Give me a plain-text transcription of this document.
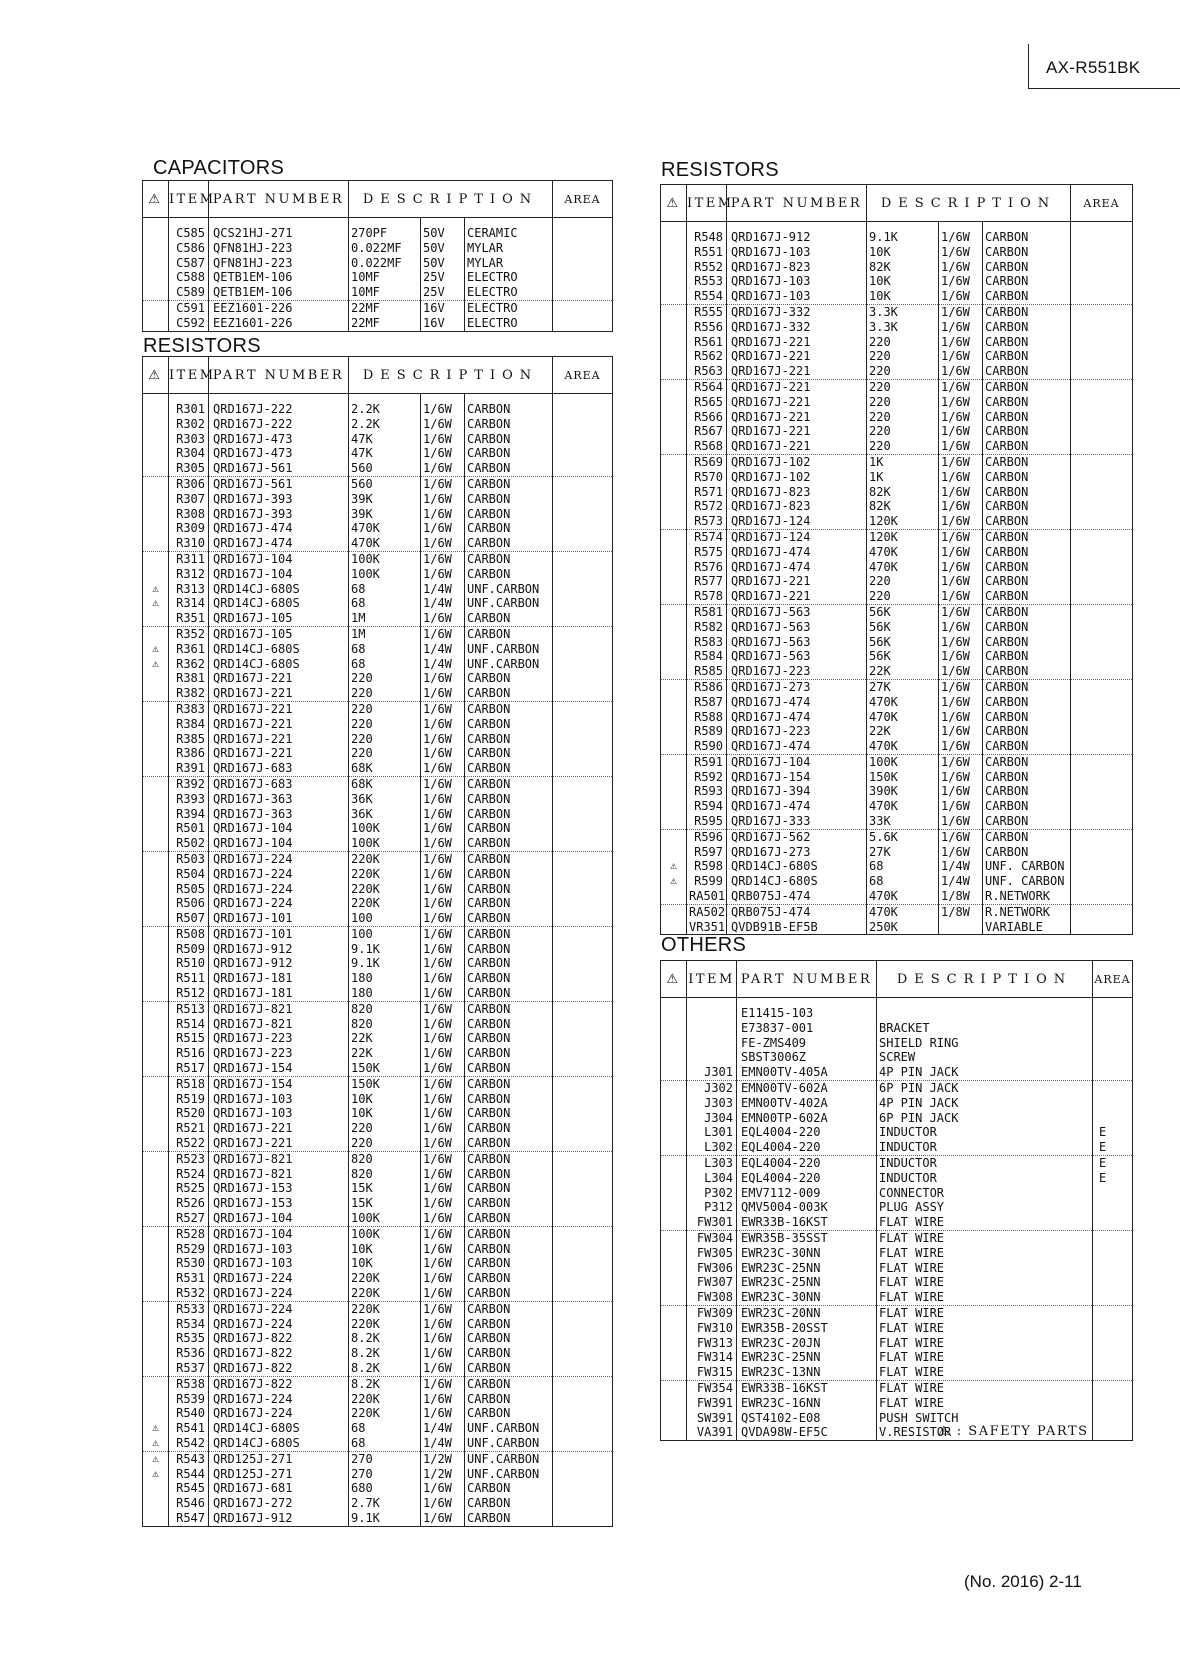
AX-R551BK
CAPACITORS
⚠	ITEM	PART NUMBER	DESCRIPTION			AREA

	C585	QCS21HJ-271	270PF	50V	CERAMIC	
	C586	QFN81HJ-223	0.022MF	50V	MYLAR	
	C587	QFN81HJ-223	0.022MF	50V	MYLAR	
	C588	QETB1EM-106	10MF	25V	ELECTRO	
	C589	QETB1EM-106	10MF	25V	ELECTRO	
	C591	EEZ1601-226	22MF	16V	ELECTRO	
	C592	EEZ1601-226	22MF	16V	ELECTRO	
RESISTORS
⚠	ITEM	PART NUMBER	DESCRIPTION			AREA

	R301	QRD167J-222	2.2K	1/6W	CARBON	
	R302	QRD167J-222	2.2K	1/6W	CARBON	
	R303	QRD167J-473	47K	1/6W	CARBON	
	R304	QRD167J-473	47K	1/6W	CARBON	
	R305	QRD167J-561	560	1/6W	CARBON	
	R306	QRD167J-561	560	1/6W	CARBON	
	R307	QRD167J-393	39K	1/6W	CARBON	
	R308	QRD167J-393	39K	1/6W	CARBON	
	R309	QRD167J-474	470K	1/6W	CARBON	
	R310	QRD167J-474	470K	1/6W	CARBON	
	R311	QRD167J-104	100K	1/6W	CARBON	
	R312	QRD167J-104	100K	1/6W	CARBON	
⚠	R313	QRD14CJ-680S	68	1/4W	UNF.CARBON	
⚠	R314	QRD14CJ-680S	68	1/4W	UNF.CARBON	
	R351	QRD167J-105	1M	1/6W	CARBON	
	R352	QRD167J-105	1M	1/6W	CARBON	
⚠	R361	QRD14CJ-680S	68	1/4W	UNF.CARBON	
⚠	R362	QRD14CJ-680S	68	1/4W	UNF.CARBON	
	R381	QRD167J-221	220	1/6W	CARBON	
	R382	QRD167J-221	220	1/6W	CARBON	
	R383	QRD167J-221	220	1/6W	CARBON	
	R384	QRD167J-221	220	1/6W	CARBON	
	R385	QRD167J-221	220	1/6W	CARBON	
	R386	QRD167J-221	220	1/6W	CARBON	
	R391	QRD167J-683	68K	1/6W	CARBON	
	R392	QRD167J-683	68K	1/6W	CARBON	
	R393	QRD167J-363	36K	1/6W	CARBON	
	R394	QRD167J-363	36K	1/6W	CARBON	
	R501	QRD167J-104	100K	1/6W	CARBON	
	R502	QRD167J-104	100K	1/6W	CARBON	
	R503	QRD167J-224	220K	1/6W	CARBON	
	R504	QRD167J-224	220K	1/6W	CARBON	
	R505	QRD167J-224	220K	1/6W	CARBON	
	R506	QRD167J-224	220K	1/6W	CARBON	
	R507	QRD167J-101	100	1/6W	CARBON	
	R508	QRD167J-101	100	1/6W	CARBON	
	R509	QRD167J-912	9.1K	1/6W	CARBON	
	R510	QRD167J-912	9.1K	1/6W	CARBON	
	R511	QRD167J-181	180	1/6W	CARBON	
	R512	QRD167J-181	180	1/6W	CARBON	
	R513	QRD167J-821	820	1/6W	CARBON	
	R514	QRD167J-821	820	1/6W	CARBON	
	R515	QRD167J-223	22K	1/6W	CARBON	
	R516	QRD167J-223	22K	1/6W	CARBON	
	R517	QRD167J-154	150K	1/6W	CARBON	
	R518	QRD167J-154	150K	1/6W	CARBON	
	R519	QRD167J-103	10K	1/6W	CARBON	
	R520	QRD167J-103	10K	1/6W	CARBON	
	R521	QRD167J-221	220	1/6W	CARBON	
	R522	QRD167J-221	220	1/6W	CARBON	
	R523	QRD167J-821	820	1/6W	CARBON	
	R524	QRD167J-821	820	1/6W	CARBON	
	R525	QRD167J-153	15K	1/6W	CARBON	
	R526	QRD167J-153	15K	1/6W	CARBON	
	R527	QRD167J-104	100K	1/6W	CARBON	
	R528	QRD167J-104	100K	1/6W	CARBON	
	R529	QRD167J-103	10K	1/6W	CARBON	
	R530	QRD167J-103	10K	1/6W	CARBON	
	R531	QRD167J-224	220K	1/6W	CARBON	
	R532	QRD167J-224	220K	1/6W	CARBON	
	R533	QRD167J-224	220K	1/6W	CARBON	
	R534	QRD167J-224	220K	1/6W	CARBON	
	R535	QRD167J-822	8.2K	1/6W	CARBON	
	R536	QRD167J-822	8.2K	1/6W	CARBON	
	R537	QRD167J-822	8.2K	1/6W	CARBON	
	R538	QRD167J-822	8.2K	1/6W	CARBON	
	R539	QRD167J-224	220K	1/6W	CARBON	
	R540	QRD167J-224	220K	1/6W	CARBON	
⚠	R541	QRD14CJ-680S	68	1/4W	UNF.CARBON	
⚠	R542	QRD14CJ-680S	68	1/4W	UNF.CARBON	
⚠	R543	QRD125J-271	270	1/2W	UNF.CARBON	
⚠	R544	QRD125J-271	270	1/2W	UNF.CARBON	
	R545	QRD167J-681	680	1/6W	CARBON	
	R546	QRD167J-272	2.7K	1/6W	CARBON	
	R547	QRD167J-912	9.1K	1/6W	CARBON	
RESISTORS
⚠	ITEM	PART NUMBER	DESCRIPTION			AREA

	R548	QRD167J-912	9.1K	1/6W	CARBON	
	R551	QRD167J-103	10K	1/6W	CARBON	
	R552	QRD167J-823	82K	1/6W	CARBON	
	R553	QRD167J-103	10K	1/6W	CARBON	
	R554	QRD167J-103	10K	1/6W	CARBON	
	R555	QRD167J-332	3.3K	1/6W	CARBON	
	R556	QRD167J-332	3.3K	1/6W	CARBON	
	R561	QRD167J-221	220	1/6W	CARBON	
	R562	QRD167J-221	220	1/6W	CARBON	
	R563	QRD167J-221	220	1/6W	CARBON	
	R564	QRD167J-221	220	1/6W	CARBON	
	R565	QRD167J-221	220	1/6W	CARBON	
	R566	QRD167J-221	220	1/6W	CARBON	
	R567	QRD167J-221	220	1/6W	CARBON	
	R568	QRD167J-221	220	1/6W	CARBON	
	R569	QRD167J-102	1K	1/6W	CARBON	
	R570	QRD167J-102	1K	1/6W	CARBON	
	R571	QRD167J-823	82K	1/6W	CARBON	
	R572	QRD167J-823	82K	1/6W	CARBON	
	R573	QRD167J-124	120K	1/6W	CARBON	
	R574	QRD167J-124	120K	1/6W	CARBON	
	R575	QRD167J-474	470K	1/6W	CARBON	
	R576	QRD167J-474	470K	1/6W	CARBON	
	R577	QRD167J-221	220	1/6W	CARBON	
	R578	QRD167J-221	220	1/6W	CARBON	
	R581	QRD167J-563	56K	1/6W	CARBON	
	R582	QRD167J-563	56K	1/6W	CARBON	
	R583	QRD167J-563	56K	1/6W	CARBON	
	R584	QRD167J-563	56K	1/6W	CARBON	
	R585	QRD167J-223	22K	1/6W	CARBON	
	R586	QRD167J-273	27K	1/6W	CARBON	
	R587	QRD167J-474	470K	1/6W	CARBON	
	R588	QRD167J-474	470K	1/6W	CARBON	
	R589	QRD167J-223	22K	1/6W	CARBON	
	R590	QRD167J-474	470K	1/6W	CARBON	
	R591	QRD167J-104	100K	1/6W	CARBON	
	R592	QRD167J-154	150K	1/6W	CARBON	
	R593	QRD167J-394	390K	1/6W	CARBON	
	R594	QRD167J-474	470K	1/6W	CARBON	
	R595	QRD167J-333	33K	1/6W	CARBON	
	R596	QRD167J-562	5.6K	1/6W	CARBON	
	R597	QRD167J-273	27K	1/6W	CARBON	
⚠	R598	QRD14CJ-680S	68	1/4W	UNF. CARBON	
⚠	R599	QRD14CJ-680S	68	1/4W	UNF. CARBON	
	RA501	QRB075J-474	470K	1/8W	R.NETWORK	
	RA502	QRB075J-474	470K	1/8W	R.NETWORK	
	VR351	QVDB91B-EF5B	250K		VARIABLE	
OTHERS
⚠	ITEM	PART NUMBER	DESCRIPTION	AREA

		E11415-103		
		E73837-001	BRACKET	
		FE-ZMS409	SHIELD RING	
		SBST3006Z	SCREW	
	J301	EMN00TV-405A	4P PIN JACK	
	J302	EMN00TV-602A	6P PIN JACK	
	J303	EMN00TV-402A	4P PIN JACK	
	J304	EMN00TP-602A	6P PIN JACK	
	L301	EQL4004-220	INDUCTOR	E
	L302	EQL4004-220	INDUCTOR	E
	L303	EQL4004-220	INDUCTOR	E
	L304	EQL4004-220	INDUCTOR	E
	P302	EMV7112-009	CONNECTOR	
	P312	QMV5004-003K	PLUG ASSY	
	FW301	EWR33B-16KST	FLAT WIRE	
	FW304	EWR35B-35SST	FLAT WIRE	
	FW305	EWR23C-30NN	FLAT WIRE	
	FW306	EWR23C-25NN	FLAT WIRE	
	FW307	EWR23C-25NN	FLAT WIRE	
	FW308	EWR23C-30NN	FLAT WIRE	
	FW309	EWR23C-20NN	FLAT WIRE	
	FW310	EWR35B-20SST	FLAT WIRE	
	FW313	EWR23C-20JN	FLAT WIRE	
	FW314	EWR23C-25NN	FLAT WIRE	
	FW315	EWR23C-13NN	FLAT WIRE	
	FW354	EWR33B-16KST	FLAT WIRE	
	FW391	EWR23C-16NN	FLAT WIRE	
	SW391	QST4102-E08	PUSH SWITCH	
	VA391	QVDA98W-EF5C	V.RESISTOR	
⚠ : SAFETY PARTS
(No. 2016) 2-11
